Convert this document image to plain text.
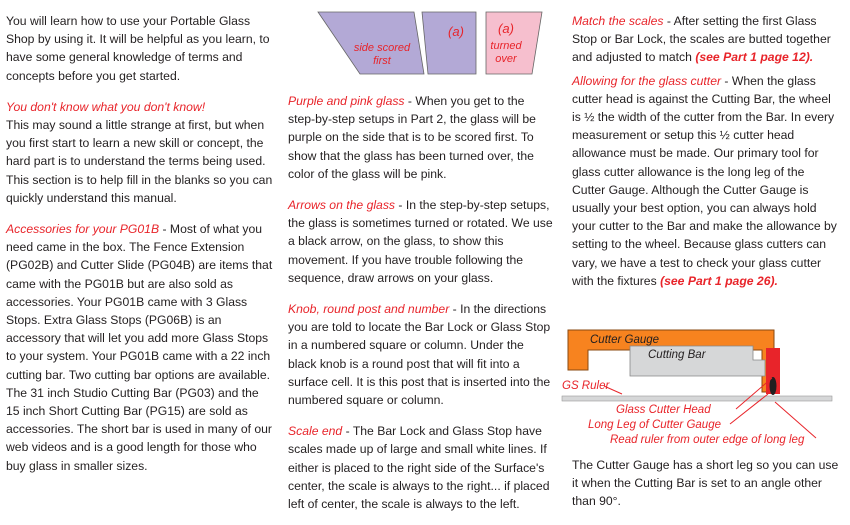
You will learn how to use your Portable Glass Shop by using it. It will be helpful as you learn, to have some general knowledge of terms and concepts before you get started.

You don't know what you don't know!
This may sound a little strange at first, but when you first start to learn a new skill or concept, the hard part is to understand the terms being used. This section is to help fill in the blanks so you can quickly understand this manual.

Accessories for your PG01B - Most of what you need came in the box. The Fence Extension (PG02B) and Cutter Slide (PG04B) are items that came with the PG01B but are also sold as accessories. Your PG01B came with 3 Glass Stops. Extra Glass Stops (PG06B) is an accessory that will let you add more Glass Stops to your system. Your PG01B came with a 22 inch cutting bar. Two cutting bar options are available. The 31 inch Studio Cutting Bar (PG03) and the 15 inch Short Cutting Bar (PG15) are sold as accessories. The short bar is used in many of our web videos and is a good length for those who buy glass in smaller sizes.

side scored
first
(a)	(a)
turned
over

Purple and pink glass - When you get to the step-by-step setups in Part 2, the glass will be purple on the side that is to be scored first. To show that the glass has been turned over, the color of the glass will be pink.

Arrows on the glass - In the step-by-step setups, the glass is sometimes turned or rotated. We use a black arrow, on the glass, to show this movement. If you have trouble following the sequence, draw arrows on your glass.

Knob, round post and number - In the directions you are told to locate the Bar Lock or Glass Stop in a numbered square or column. Under the black knob is a round post that will fit into a surface cell. It is this post that is inserted into the numbered square or column.

Scale end - The Bar Lock and Glass Stop have scales made up of large and small white lines. If either is placed to the right side of the Surface's center, the scale is always to the right... if placed left of center, the scale is always to the left.

Match the scales - After setting the first Glass Stop or Bar Lock, the scales are butted together and adjusted to match (see Part 1 page 12).

Allowing for the glass cutter - When the glass cutter head is against the Cutting Bar, the wheel is ½ the width of the cutter from the Bar. In every measurement or setup this ½ cutter head allowance must be made. Our primary tool for glass cutter allowance is the long leg of the Cutter Gauge. Although the Cutter Gauge is usually your best option, you can always hold your cutter to the Bar and make the allowance by setting to the wheel. Because glass cutters can vary, we have a test to check your glass cutter with the fixtures (see Part 1 page 26).

Cutter Gauge
Cutting Bar
GS Ruler
Glass Cutter Head
Long Leg of Cutter Gauge
Read ruler from outer edge of long leg

The Cutter Gauge has a short leg so you can use it when the Cutting Bar is set to an angle other than 90°.
